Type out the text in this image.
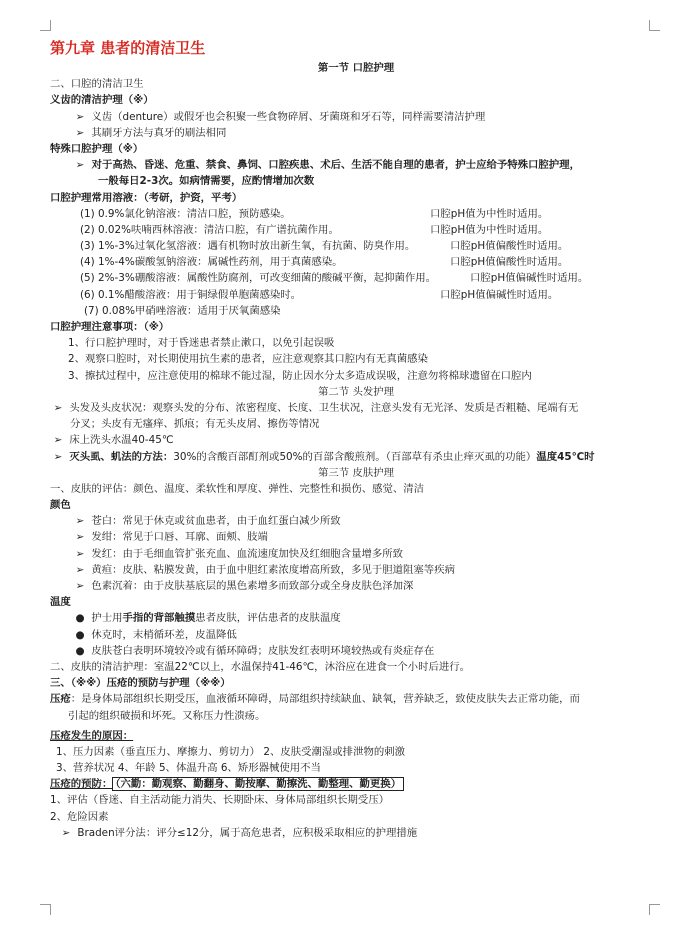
第九章 患者的清洁卫生
第一节 口腔护理
二、口腔的清洁卫生
义齿的清洁护理（※）
➢ 义齿（denture）或假牙也会积聚一些食物碎屑、牙菌斑和牙石等，同样需要清洁护理
➢ 其刷牙方法与真牙的刷法相同
特殊口腔护理（※）
➢ 对于高热、昏迷、危重、禁食、鼻饲、口腔疾患、术后、生活不能自理的患者，护士应给予特殊口腔护理，
一般每日2-3次。如病情需要，应酌情增加次数
口腔护理常用溶液：（考研，护资，平考）
(1) 0.9%氯化钠溶液：清洁口腔，预防感染。	口腔pH值为中性时适用。
(2) 0.02%呋喃西林溶液：清洁口腔，有广谱抗菌作用。	口腔pH值为中性时适用。
(3) 1%-3%过氧化氢溶液：遇有机物时放出新生氧，有抗菌、防臭作用。	口腔pH值偏酸性时适用。
(4) 1%-4%碳酸氢钠溶液：属碱性药剂，用于真菌感染。	口腔pH值偏酸性时适用。
(5) 2%-3%硼酸溶液：属酸性防腐剂，可改变细菌的酸碱平衡，起抑菌作用。	口腔pH值偏碱性时适用。
(6) 0.1%醋酸溶液：用于铜绿假单胞菌感染时。	口腔pH值偏碱性时适用。
(7) 0.08%甲硝唑溶液：适用于厌氧菌感染
口腔护理注意事项：（※）
1、行口腔护理时，对于昏迷患者禁止漱口，以免引起误吸
2、观察口腔时，对长期使用抗生素的患者，应注意观察其口腔内有无真菌感染
3、擦拭过程中，应注意使用的棉球不能过湿，防止因水分太多造成误吸，注意勿将棉球遗留在口腔内
第二节 头发护理
➢ 头发及头皮状况：观察头发的分布、浓密程度、长度、卫生状况，注意头发有无光泽、发质是否粗糙、尾端有无
分叉；头皮有无瘙痒、抓痕；有无头皮屑、擦伤等情况
➢ 床上洗头水温40-45℃
➢ 灭头虱、虮法的方法：30%的含酸百部酊剂或50%的百部含酸煎剂。（百部草有杀虫止痒灭虱的功能）温度45℃时
第三节 皮肤护理
一、皮肤的评估：颜色、温度、柔软性和厚度、弹性、完整性和损伤、感觉、清洁
颜色
➢ 苍白：常见于休克或贫血患者，由于血红蛋白减少所致
➢ 发绀：常见于口唇、耳廓、面颊、肢端
➢ 发红：由于毛细血管扩张充血、血流速度加快及红细胞含量增多所致
➢ 黄疸：皮肤、粘膜发黄，由于血中胆红素浓度增高所致，多见于胆道阻塞等疾病
➢ 色素沉着：由于皮肤基底层的黑色素增多而致部分或全身皮肤色泽加深
温度
● 护士用手指的背部触摸患者皮肤，评估患者的皮肤温度
● 休克时，末梢循环差，皮温降低
● 皮肤苍白表明环境较冷或有循环障碍；皮肤发红表明环境较热或有炎症存在
二、皮肤的清洁护理：室温22℃以上，水温保持41-46℃，沐浴应在进食一个小时后进行。
三、（※※）压疮的预防与护理（※※）
压疮：是身体局部组织长期受压，血液循环障碍，局部组织持续缺血、缺氧，营养缺乏，致使皮肤失去正常功能，而
引起的组织破损和坏死。又称压力性溃疡。
压疮发生的原因：
1、压力因素（垂直压力、摩擦力、剪切力） 2、皮肤受潮湿或排泄物的刺激
3、营养状况 4、年龄 5、体温升高 6、矫形器械使用不当
压疮的预防： （六勤：勤观察、勤翻身、勤按摩、勤擦洗、勤整理、勤更换）
1、评估（昏迷、自主活动能力消失、长期卧床、身体局部组织长期受压）
2、危险因素
➢ Braden评分法：评分≤12分，属于高危患者，应积极采取相应的护理措施
